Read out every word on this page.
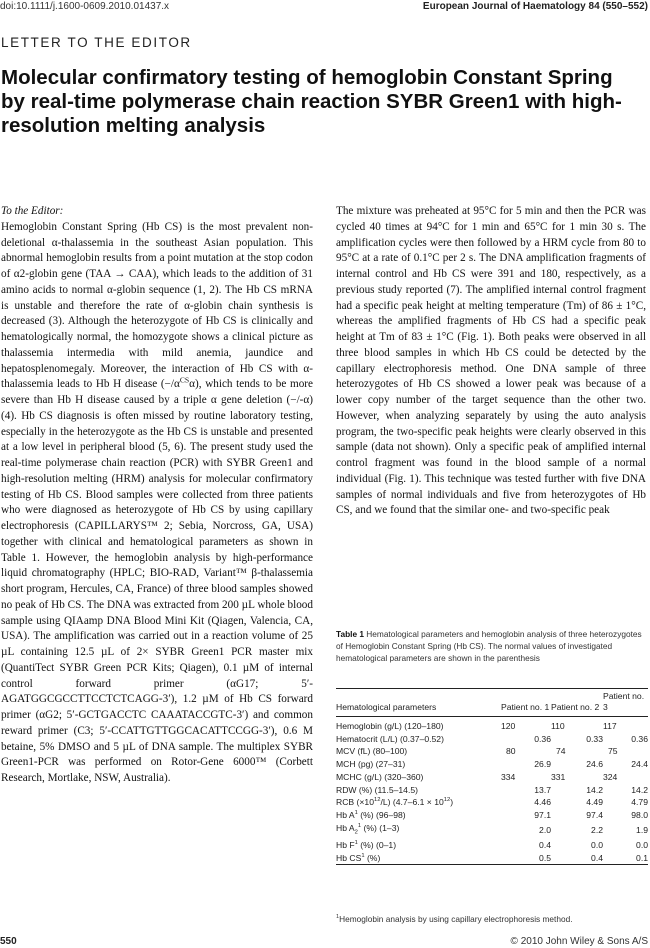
doi:10.1111/j.1600-0609.2010.01437.x	European Journal of Haematology 84 (550–552)
LETTER TO THE EDITOR
Molecular confirmatory testing of hemoglobin Constant Spring by real-time polymerase chain reaction SYBR Green1 with high-resolution melting analysis

To the Editor:

Hemoglobin Constant Spring (Hb CS) is the most prevalent non-deletional α-thalassemia in the southeast Asian population. This abnormal hemoglobin results from a point mutation at the stop codon of α2-globin gene (TAA → CAA), which leads to the addition of 31 amino acids to normal α-globin sequence (1, 2). The Hb CS mRNA is unstable and therefore the rate of α-globin chain synthesis is decreased (3). Although the heterozygote of Hb CS is clinically and hematologically normal, the homozygote shows a clinical picture as thalassemia intermedia with mild anemia, jaundice and hepatosplenomegaly. Moreover, the interaction of Hb CS with α-thalassemia leads to Hb H disease $(-/\alpha^{CS}\alpha)$, which tends to be more severe than Hb H disease caused by a triple α gene deletion (−/-α) (4). Hb CS diagnosis is often missed by routine laboratory testing, especially in the heterozygote as the Hb CS is unstable and presented at a low level in peripheral blood (5, 6). The present study used the real-time polymerase chain reaction (PCR) with SYBR Green1 and high-resolution melting (HRM) analysis for molecular confirmatory testing of Hb CS. Blood samples were collected from three patients who were diagnosed as heterozygote of Hb CS by using capillary electrophoresis (CAPILLARYS™ 2; Sebia, Norcross, GA, USA) together with clinical and hematological parameters as shown in Table 1. However, the hemoglobin analysis by high-performance liquid chromatography (HPLC; BIO-RAD, Variant™ β-thalassemia short program, Hercules, CA, France) of three blood samples showed no peak of Hb CS. The DNA was extracted from 200 µL whole blood sample using QIAamp DNA Blood Mini Kit (Qiagen, Valencia, CA, USA). The amplification was carried out in a reaction volume of 25 µL containing 12.5 µL of 2× SYBR Green1 PCR master mix (QuantiTect SYBR Green PCR Kits; Qiagen), 0.1 µM of internal control forward primer (αG17; 5′-AGATGGCGCCTTCCTCTCAGG-3′), 1.2 µM of Hb CS forward primer (αG2; 5′-GCTGACCTC CAAATACCGTC-3′) and common reward primer (C3; 5′-CCATTGTTGGCACATTCCGG-3′), 0.6 M betaine, 5% DMSO and 5 µL of DNA sample. The multiplex SYBR Green1-PCR was performed on Rotor-Gene 6000™ (Corbett Research, Mortlake, NSW, Australia).

The mixture was preheated at 95°C for 5 min and then the PCR was cycled 40 times at 94°C for 1 min and 65°C for 1 min 30 s. The amplification cycles were then followed by a HRM cycle from 80 to 95°C at a rate of 0.1°C per 2 s. The DNA amplification fragments of internal control and Hb CS were 391 and 180, respectively, as a previous study reported (7). The amplified internal control fragment had a specific peak height at melting temperature (Tm) of 86 ± 1°C, whereas the amplified fragments of Hb CS had a specific peak height at Tm of 83 ± 1°C (Fig. 1). Both peaks were observed in all three blood samples in which Hb CS could be detected by the capillary electrophoresis method. One DNA sample of three heterozygotes of Hb CS showed a lower peak was because of a lower copy number of the target sequence than the other two. However, when analyzing separately by using the auto analysis program, the two-specific peak heights were clearly observed in this sample (data not shown). Only a specific peak of amplified internal control fragment was found in the blood sample of a normal individual (Fig. 1). This technique was tested further with five DNA samples of normal individuals and five from heterozygotes of Hb CS, and we found that the similar one- and two-specific peak

Table 1 Hematological parameters and hemoglobin analysis of three heterozygotes of Hemoglobin Constant Spring (Hb CS). The normal values of investigated hematological parameters are shown in the parenthesis

Hematological parameters	Patient no. 1	Patient no. 2	Patient no. 3
Hemoglobin (g/L) (120–180)	120	110	117
Hematocrit (L/L) (0.37–0.52)	0.36	0.33	0.36
MCV (fL) (80–100)	80	74	75
MCH (pg) (27–31)	26.9	24.6	24.4
MCHC (g/L) (320–360)	334	331	324
RDW (%) (11.5–14.5)	13.7	14.2	14.2
RCB $(\times 10^{12}/L) (4.7-6.1 \times 10^{12})$	4.46	4.49	4.79
Hb $A^1$ (%) (96–98)	97.1	97.4	98.0
Hb $A_2^1$ (%) (1–3)	2.0	2.2	1.9
Hb $F^1$ (%) (0–1)	0.4	0.0	0.0
Hb $CS^1$ (%)	0.5	0.4	0.1
$^1$Hemoglobin analysis by using capillary electrophoresis method.
550	© 2010 John Wiley & Sons A/S
